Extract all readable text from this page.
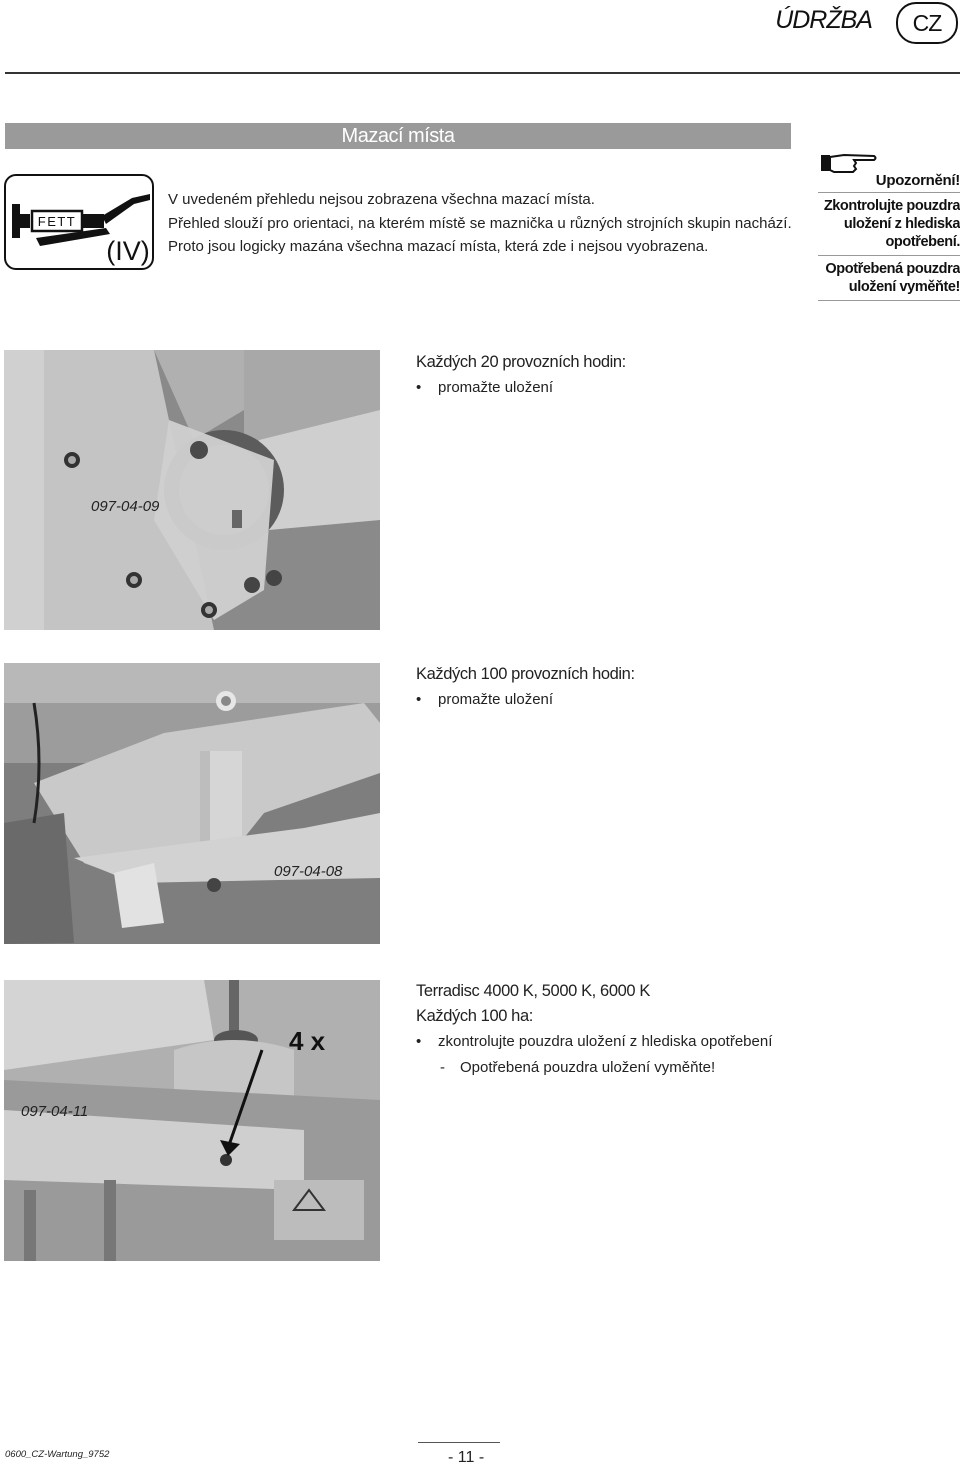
ÚDRŽBA	CZ
Mazací místa
FETT
(IV)
V uvedeném přehledu nejsou zobrazena všechna mazací místa.
Přehled slouží pro orientaci, na kterém místě se maznička u různých strojních skupin nachází.
Proto jsou logicky mazána všechna mazací místa, která zde i nejsou vyobrazena.
Upozornění!
Zkontrolujte pouzdra uložení z hlediska opotřebení.
Opotřebená pouzdra uložení vyměňte!
097-04-09
Každých 20 provozních hodin:
•	promažte uložení
097-04-08
Každých 100 provozních hodin:
•	promažte uložení
4 x
097-04-11
Terradisc 4000 K, 5000 K, 6000 K
Každých 100 ha:
•	zkontrolujte pouzdra uložení z hlediska opotřebení
-	Opotřebená pouzdra uložení vyměňte!
0600_CZ-Wartung_9752	- 11 -
